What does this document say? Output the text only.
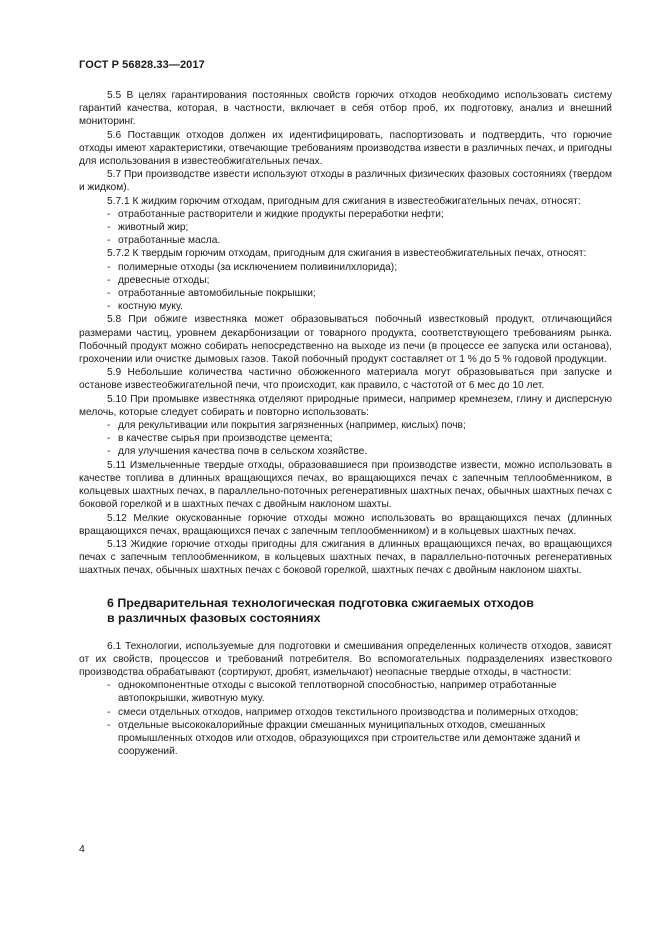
ГОСТ Р 56828.33—2017

5.5 В целях гарантирования постоянных свойств горючих отходов необходимо использовать систему гарантий качества, которая, в частности, включает в себя отбор проб, их подготовку, анализ и внешний мониторинг.

5.6 Поставщик отходов должен их идентифицировать, паспортизовать и подтвердить, что горючие отходы имеют характеристики, отвечающие требованиям производства извести в различных печах, и пригодны для использования в известеобжигательных печах.

5.7 При производстве извести используют отходы в различных физических фазовых состояниях (твердом и жидком).

5.7.1 К жидким горючим отходам, пригодным для сжигания в известеобжигательных печах, относят:

- отработанные растворители и жидкие продукты переработки нефти;
- животный жир;
- отработанные масла.

5.7.2 К твердым горючим отходам, пригодным для сжигания в известеобжигательных печах, относят:

- полимерные отходы (за исключением поливинилхлорида);
- древесные отходы;
- отработанные автомобильные покрышки;
- костную муку.

5.8 При обжиге известняка может образовываться побочный известковый продукт, отличающийся размерами частиц, уровнем декарбонизации от товарного продукта, соответствующего требованиям рынка. Побочный продукт можно собирать непосредственно на выходе из печи (в процессе ее запуска или останова), грохочении или очистке дымовых газов. Такой побочный продукт составляет от 1 % до 5 % годовой продукции.

5.9 Небольшие количества частично обожженного материала могут образовываться при запуске и останове известеобжигательной печи, что происходит, как правило, с частотой от 6 мес до 10 лет.

5.10 При промывке известняка отделяют природные примеси, например кремнезем, глину и дисперсную мелочь, которые следует собирать и повторно использовать:

- для рекультивации или покрытия загрязненных (например, кислых) почв;
- в качестве сырья при производстве цемента;
- для улучшения качества почв в сельском хозяйстве.

5.11 Измельченные твердые отходы, образовавшиеся при производстве извести, можно использовать в качестве топлива в длинных вращающихся печах, во вращающихся печах с запечным теплообменником, в кольцевых шахтных печах, в параллельно-поточных регенеративных шахтных печах, обычных шахтных печах с боковой горелкой и в шахтных печах с двойным наклоном шахты.

5.12 Мелкие окускованные горючие отходы можно использовать во вращающихся печах (длинных вращающихся печах, вращающихся печах с запечным теплообменником) и в кольцевых шахтных печах.

5.13 Жидкие горючие отходы пригодны для сжигания в длинных вращающихся печах, во вращающихся печах с запечным теплообменником, в кольцевых шахтных печах, в параллельно-поточных регенеративных шахтных печах, обычных шахтных печах с боковой горелкой, шахтных печах с двойным наклоном шахты.

6 Предварительная технологическая подготовка сжигаемых отходов
в различных фазовых состояниях

6.1 Технологии, используемые для подготовки и смешивания определенных количеств отходов, зависят от их свойств, процессов и требований потребителя. Во вспомогательных подразделениях известкового производства обрабатывают (сортируют, дробят, измельчают) неопасные твердые отходы, в частности:

- однокомпонентные отходы с высокой теплотворной способностью, например отработанные автопокрышки, животную муку.
- смеси отдельных отходов, например отходов текстильного производства и полимерных отходов;
- отдельные высококалорийные фракции смешанных муниципальных отходов, смешанных промышленных отходов или отходов, образующихся при строительстве или демонтаже зданий и сооружений.
4
